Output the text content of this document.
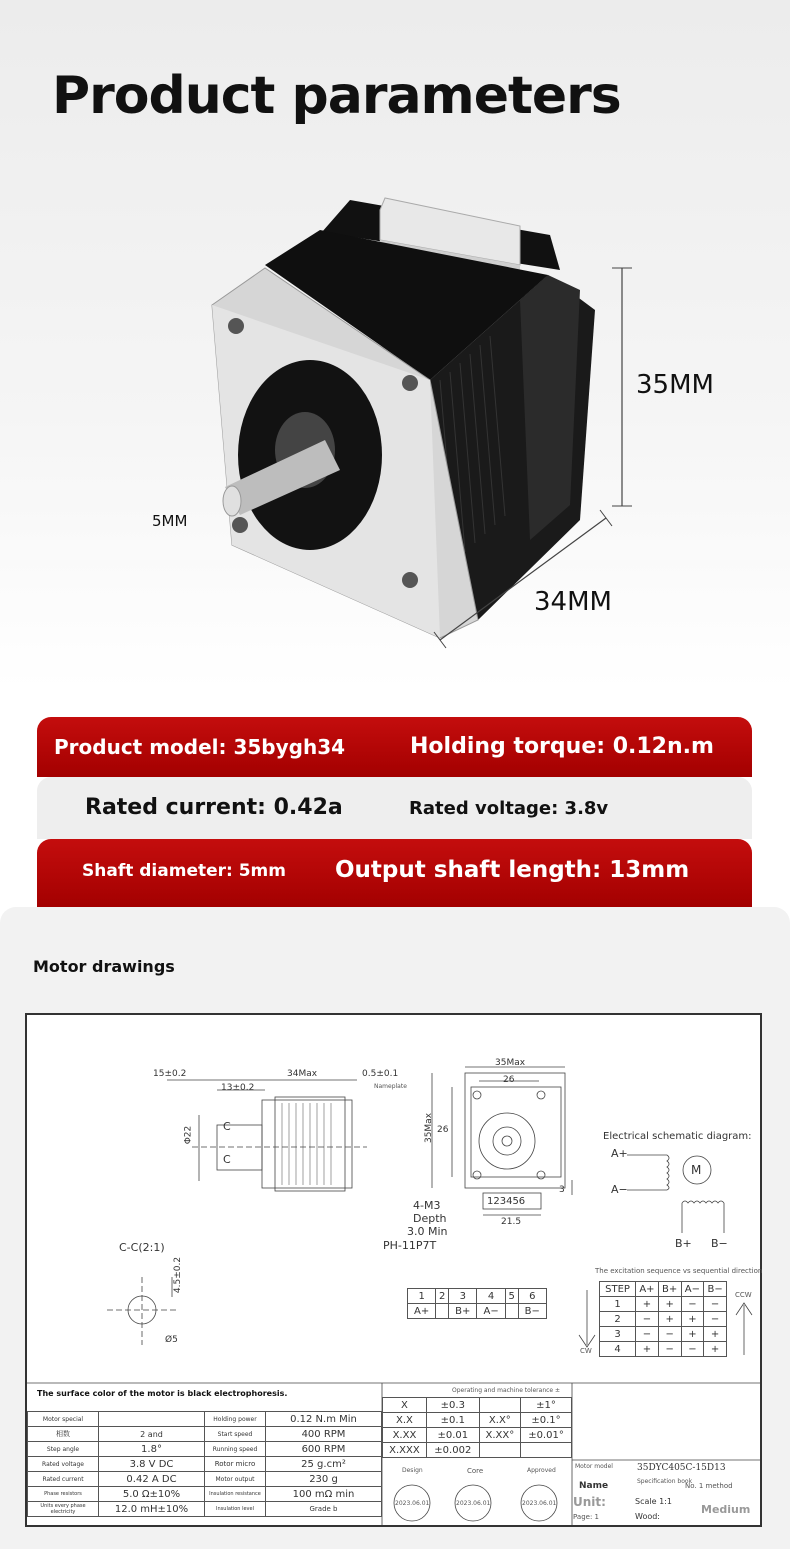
Product parameters
35MM
34MM
5MM
Product model: 35bygh34	Holding torque: 0.12n.m
Rated current: 0.42a	Rated voltage: 3.8v
Shaft diameter: 5mm Output shaft length: 13mm
Motor drawings
15±0.2	34Max	0.5±0.1
Nameplate
13±0.2
Φ22	C
C
35Max
26
35Max 26
123456
21.5
3
4-M3
Depth
3.0 Min
PH-11P7T
C-C(2:1)
4.5±0.2
Ø5
Electrical schematic diagram:
A+
A−
M
B+ B−
1	2	3	4	5	6
A+		B+	A−		B−
The excitation sequence vs sequential direction
STEP	A+	B+	A−	B−
1	+	+	−	−
2	−	+	+	−
3	−	−	+	+
4	+	−	−	+
CW
CCW
The surface color of the motor is black electrophoresis.
Motor special		Holding power	0.12 N.m Min
相数	2 and	Start speed	400 RPM
Step angle	1.8°	Running speed	600 RPM
Rated voltage	3.8 V DC	Rotor micro	25 g.cm²
Rated current	0.42 A DC	Motor output	230 g
Phase resistors	5.0 Ω±10%	Insulation resistance	100 mΩ min
Units every phase electricity	12.0 mH±10%	Insulation level	Grade b
Operating and machine tolerance ±
X	±0.3		±1°
X.X	±0.1	X.X°	±0.1°
X.XX	±0.01	X.XX°	±0.01°
X.XXX	±0.002		
Design	Core	Approved
2023.06.01	2023.06.01	2023.06.01
Motor model	35DYC405C-15D13
Specification book
No. 1 method
Name
Unit:	Scale 1:1
Page: 1	Wood:
Medium
